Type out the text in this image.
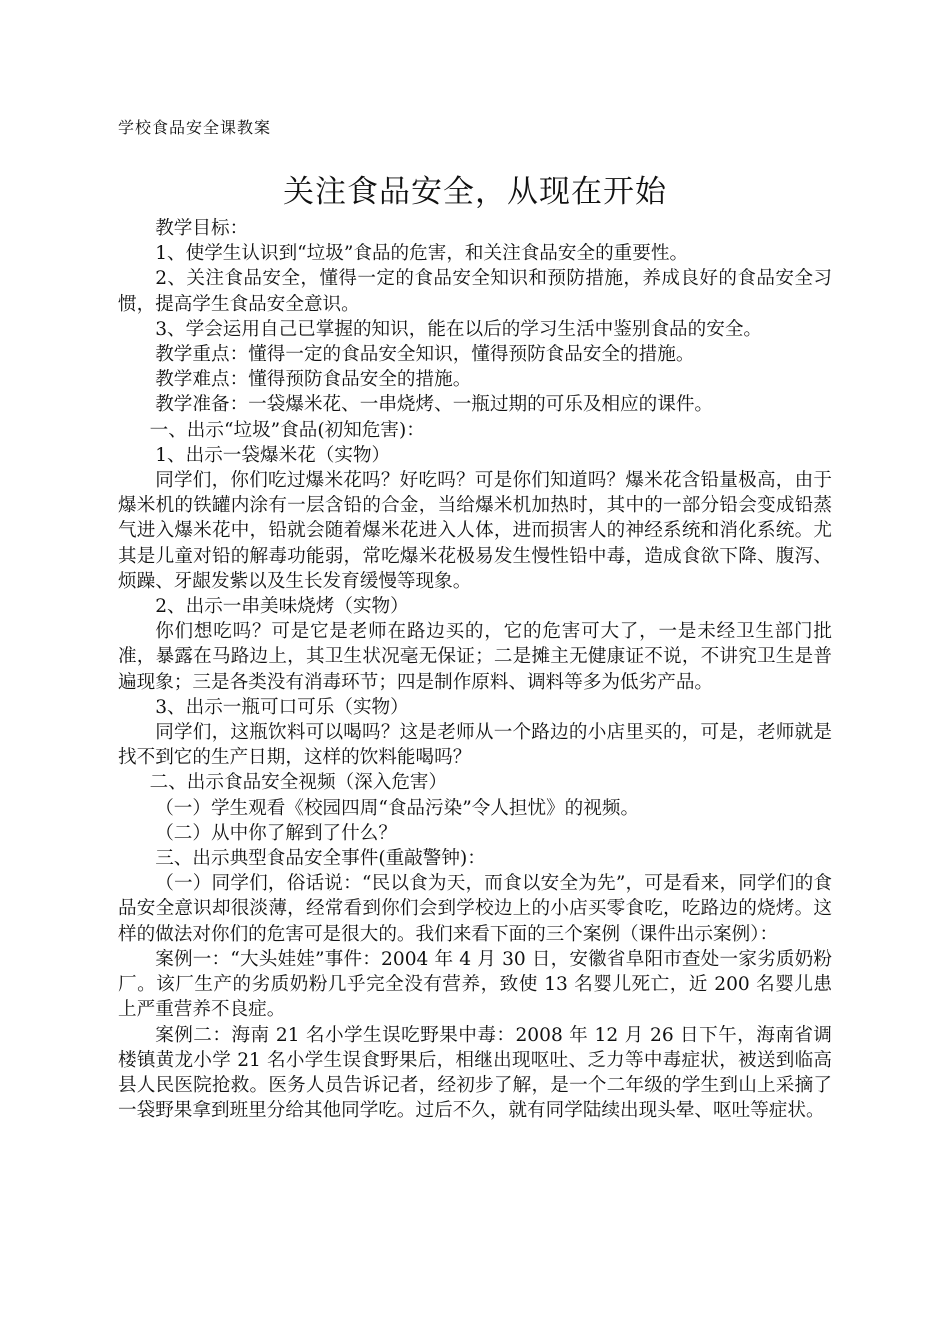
学校食品安全课教案
关注食品安全，从现在开始

教学目标：

1、使学生认识到“垃圾”食品的危害，和关注食品安全的重要性。

2、关注食品安全，懂得一定的食品安全知识和预防措施，养成良好的食品安全习惯，提高学生食品安全意识。

3、学会运用自己已掌握的知识，能在以后的学习生活中鉴别食品的安全。

教学重点：懂得一定的食品安全知识，懂得预防食品安全的措施。

教学难点：懂得预防食品安全的措施。

教学准备：一袋爆米花、一串烧烤、一瓶过期的可乐及相应的课件。

一、出示“垃圾”食品(初知危害)：

1、出示一袋爆米花（实物）

同学们，你们吃过爆米花吗？好吃吗？可是你们知道吗？爆米花含铅量极高，由于爆米机的铁罐内涂有一层含铅的合金，当给爆米机加热时，其中的一部分铅会变成铅蒸气进入爆米花中，铅就会随着爆米花进入人体，进而损害人的神经系统和消化系统。尤其是儿童对铅的解毒功能弱，常吃爆米花极易发生慢性铅中毒，造成食欲下降、腹泻、烦躁、牙龈发紫以及生长发育缓慢等现象。

2、出示一串美味烧烤（实物）

你们想吃吗？可是它是老师在路边买的，它的危害可大了，一是未经卫生部门批准，暴露在马路边上，其卫生状况毫无保证；二是摊主无健康证不说，不讲究卫生是普遍现象；三是各类没有消毒环节；四是制作原料、调料等多为低劣产品。

3、出示一瓶可口可乐（实物）

同学们，这瓶饮料可以喝吗？这是老师从一个路边的小店里买的，可是，老师就是找不到它的生产日期，这样的饮料能喝吗？

二、出示食品安全视频（深入危害）

（一）学生观看《校园四周“食品污染”令人担忧》的视频。

（二）从中你了解到了什么？

三、出示典型食品安全事件(重敲警钟)：

（一）同学们，俗话说：“民以食为天，而食以安全为先”，可是看来，同学们的食品安全意识却很淡薄，经常看到你们会到学校边上的小店买零食吃，吃路边的烧烤。这样的做法对你们的危害可是很大的。我们来看下面的三个案例（课件出示案例）：

案例一：“大头娃娃”事件：2004 年 4 月 30 日，安徽省阜阳市查处一家劣质奶粉厂。该厂生产的劣质奶粉几乎完全没有营养，致使 13 名婴儿死亡，近 200 名婴儿患上严重营养不良症。

案例二：海南 21 名小学生误吃野果中毒：2008 年 12 月 26 日下午，海南省调楼镇黄龙小学 21 名小学生误食野果后，相继出现呕吐、乏力等中毒症状，被送到临高县人民医院抢救。医务人员告诉记者，经初步了解，是一个二年级的学生到山上采摘了一袋野果拿到班里分给其他同学吃。过后不久，就有同学陆续出现头晕、呕吐等症状。
